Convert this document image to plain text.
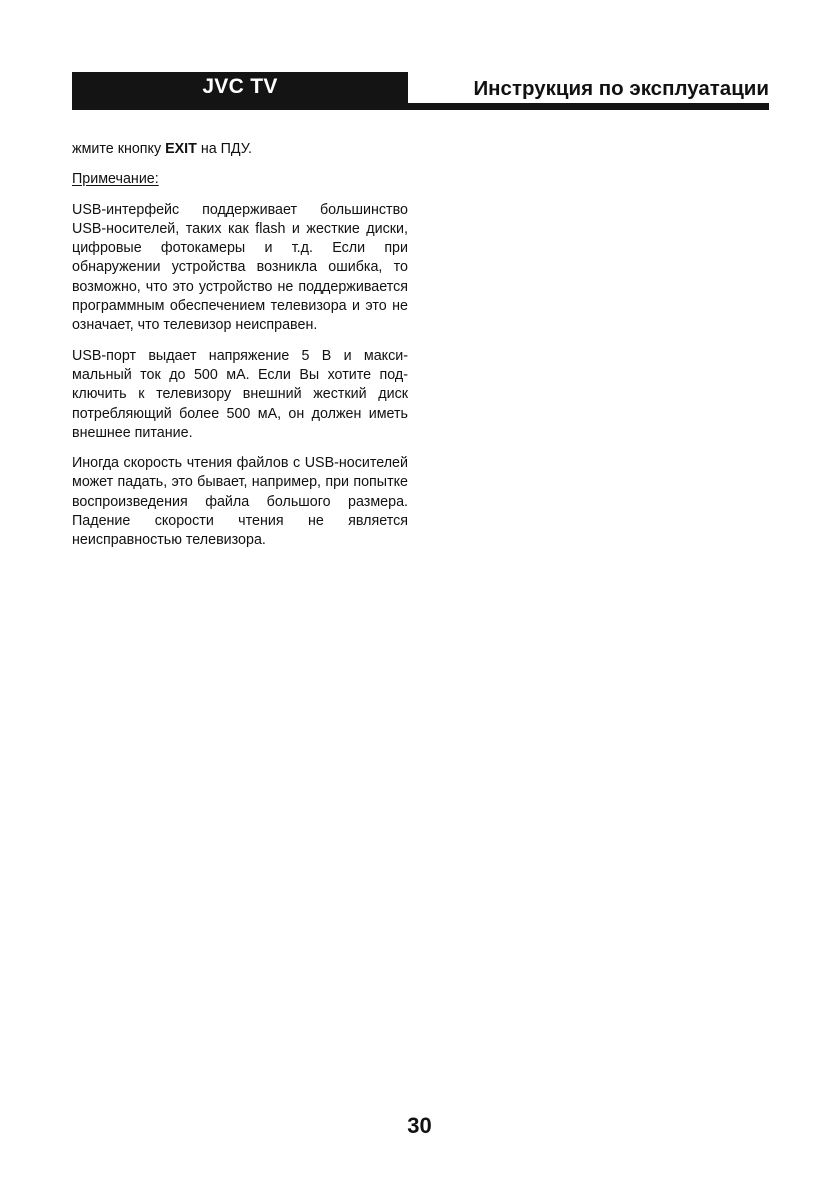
JVC TV	Инструкция по эксплуатации

жмите кнопку EXIT на ПДУ.

Примечание:

USB-интерфейс поддерживает большинство USB-носителей, таких как flash и жесткие диски, цифровые фотокамеры и т.д. Если при обнаружении устройства возникла ошибка, то возможно, что это устройство не поддерживается программным обеспечением телевизора и это не означает, что телевизор неисправен.

USB-порт выдает напряжение 5 В и максимальный ток до 500 мА. Если Вы хотите подключить к телевизору внешний жесткий диск потребляющий более 500 мА, он должен иметь внешнее питание.

Иногда скорость чтения файлов с USB-носителей может падать, это бывает, например, при попытке воспроизведения файла большого размера. Падение скорости чтения не является неисправностью телевизора.

30
